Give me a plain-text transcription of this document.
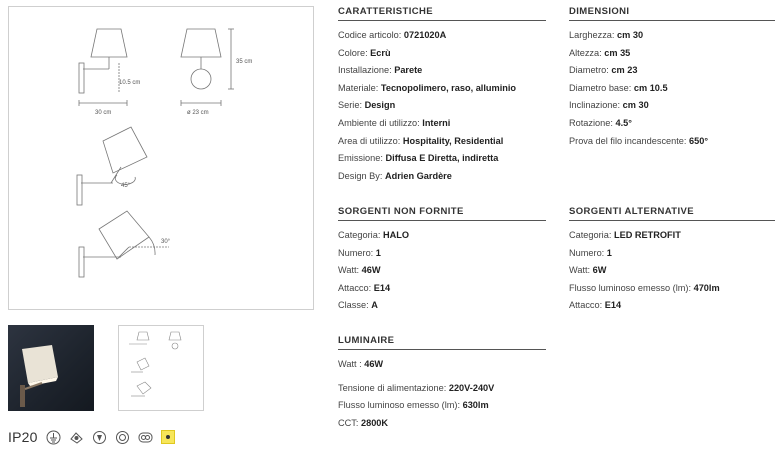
10.5 cm
35 cm
30 cm	ø 23 cm
45°
30°
IP20
CARATTERISTICHE
Codice articolo: 0721020A
Colore: Ecrù
Installazione: Parete
Materiale: Tecnopolimero, raso, alluminio
Serie: Design
Ambiente di utilizzo: Interni
Area di utilizzo: Hospitality, Residential
Emissione: Diffusa E Diretta, indiretta
Design By: Adrien Gardère
DIMENSIONI
Larghezza: cm 30
Altezza: cm 35
Diametro: cm 23
Diametro base: cm 10.5
Inclinazione: cm 30
Rotazione: 4.5°
Prova del filo incandescente: 650°
SORGENTI NON FORNITE
Categoria: HALO
Numero: 1
Watt: 46W
Attacco: E14
Classe: A
SORGENTI ALTERNATIVE
Categoria: LED RETROFIT
Numero: 1
Watt: 6W
Flusso luminoso emesso (lm): 470lm
Attacco: E14
LUMINAIRE
Watt : 46W
Tensione di alimentazione: 220V-240V
Flusso luminoso emesso (lm): 630lm
CCT: 2800K
